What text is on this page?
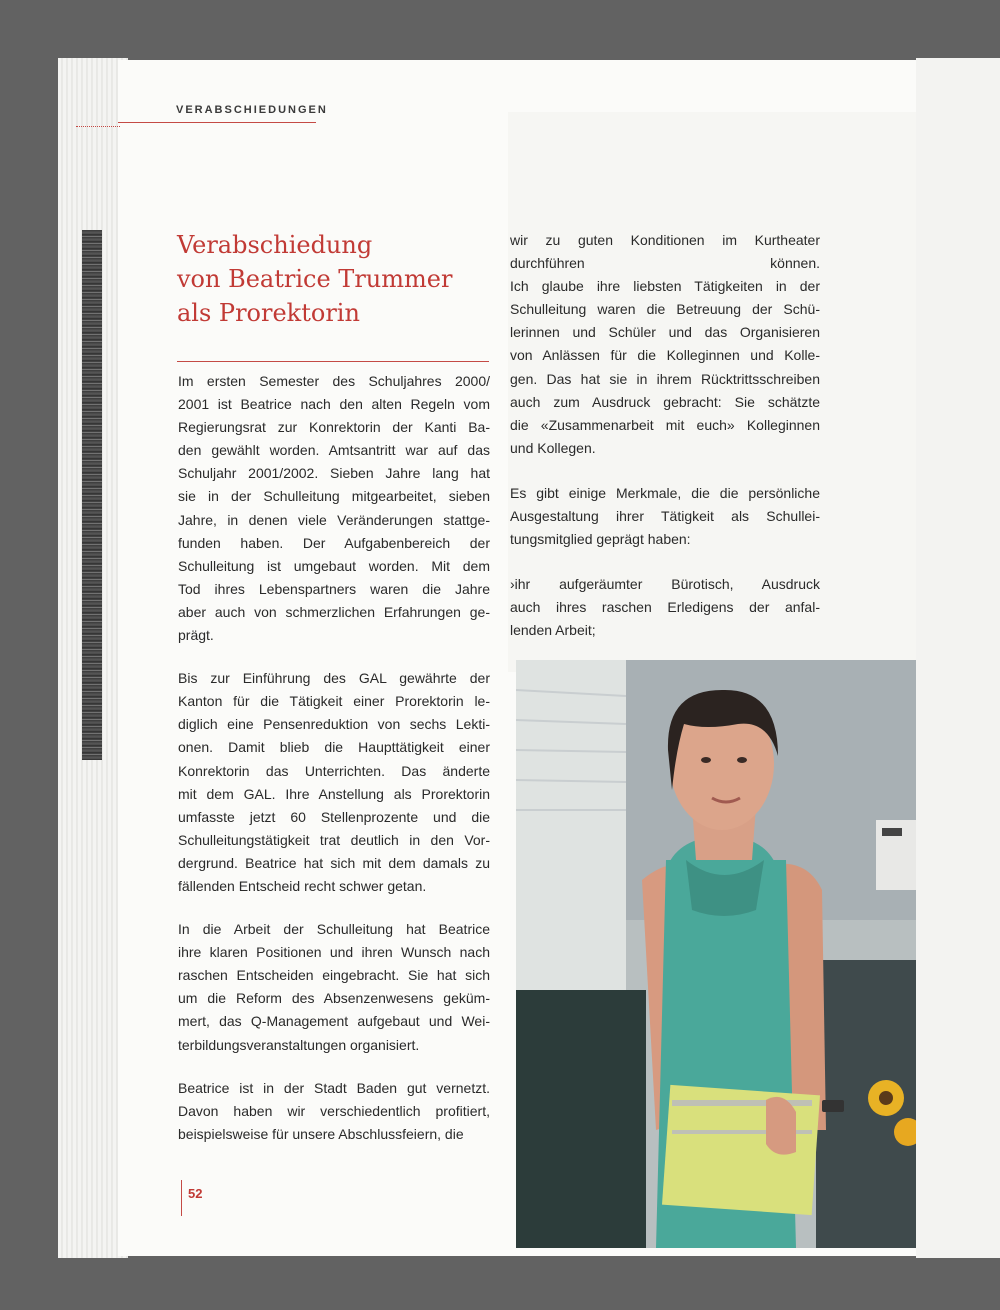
VERABSCHIEDUNGEN
Verabschiedung
von Beatrice Trummer
als Prorektorin

Im ersten Semester des Schuljahres 2000/
2001 ist Beatrice nach den alten Regeln vom
Regierungsrat zur Konrektorin der Kanti Ba-
den gewählt worden. Amtsantritt war auf das
Schuljahr 2001/2002. Sieben Jahre lang hat
sie in der Schulleitung mitgearbeitet, sieben
Jahre, in denen viele Veränderungen stattge-
funden haben. Der Aufgabenbereich der
Schulleitung ist umgebaut worden. Mit dem
Tod ihres Lebenspartners waren die Jahre
aber auch von schmerzlichen Erfahrungen ge-
prägt.

Bis zur Einführung des GAL gewährte der
Kanton für die Tätigkeit einer Prorektorin le-
diglich eine Pensenreduktion von sechs Lekti-
onen. Damit blieb die Haupttätigkeit einer
Konrektorin das Unterrichten. Das änderte
mit dem GAL. Ihre Anstellung als Prorektorin
umfasste jetzt 60 Stellenprozente und die
Schulleitungstätigkeit trat deutlich in den Vor-
dergrund. Beatrice hat sich mit dem damals zu
fällenden Entscheid recht schwer getan.

In die Arbeit der Schulleitung hat Beatrice
ihre klaren Positionen und ihren Wunsch nach
raschen Entscheiden eingebracht. Sie hat sich
um die Reform des Absenzenwesens geküm-
mert, das Q-Management aufgebaut und Wei-
terbildungsveranstaltungen organisiert.

Beatrice ist in der Stadt Baden gut vernetzt.
Davon haben wir verschiedentlich profitiert,
beispielsweise für unsere Abschlussfeiern, die

wir zu guten Konditionen im Kurtheater
durchführen können.
Ich glaube ihre liebsten Tätigkeiten in der
Schulleitung waren die Betreuung der Schü-
lerinnen und Schüler und das Organisieren
von Anlässen für die Kolleginnen und Kolle-
gen. Das hat sie in ihrem Rücktrittsschreiben
auch zum Ausdruck gebracht: Sie schätzte
die «Zusammenarbeit mit euch» Kolleginnen
und Kollegen.

Es gibt einige Merkmale, die die persönliche
Ausgestaltung ihrer Tätigkeit als Schullei-
tungsmitglied geprägt haben:

›ihr aufgeräumter Bürotisch, Ausdruck
auch ihres raschen Erledigens der anfal-
lenden Arbeit;

52
